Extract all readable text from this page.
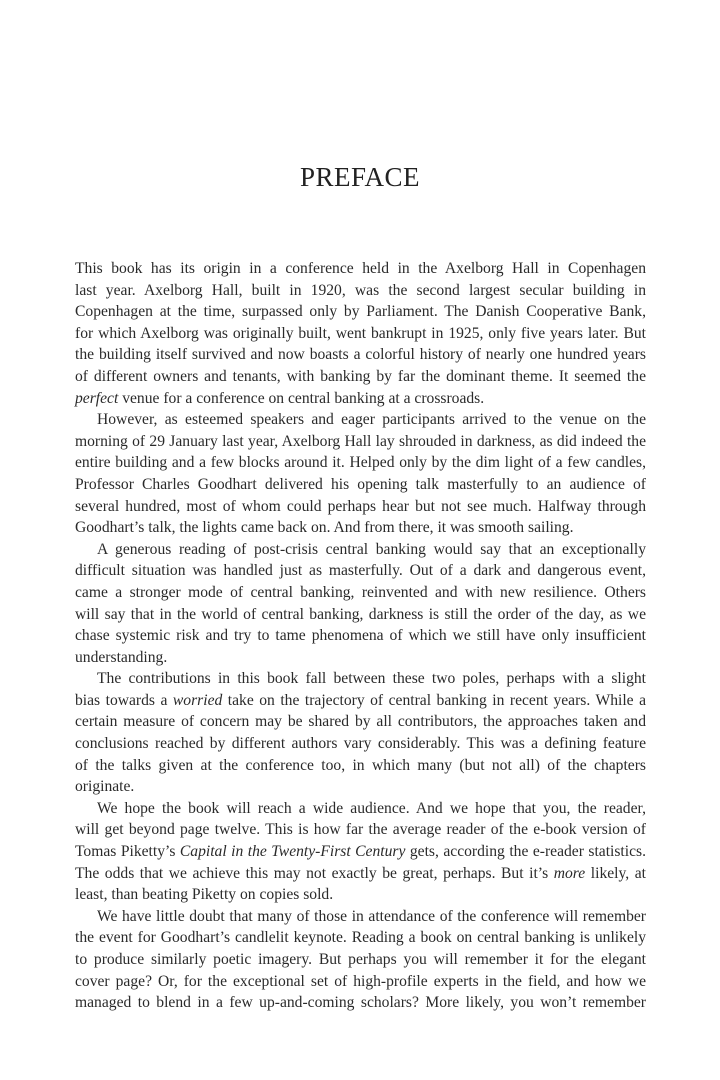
PREFACE
This book has its origin in a conference held in the Axelborg Hall in Copenhagen
last year. Axelborg Hall, built in 1920, was the second largest secular building in
Copenhagen at the time, surpassed only by Parliament. The Danish Cooperative Bank,
for which Axelborg was originally built, went bankrupt in 1925, only five years later. But
the building itself survived and now boasts a colorful history of nearly one hundred years
of different owners and tenants, with banking by far the dominant theme. It seemed the
perfect venue for a conference on central banking at a crossroads.
However, as esteemed speakers and eager participants arrived to the venue on the
morning of 29 January last year, Axelborg Hall lay shrouded in darkness, as did indeed the
entire building and a few blocks around it. Helped only by the dim light of a few candles,
Professor Charles Goodhart delivered his opening talk masterfully to an audience of
several hundred, most of whom could perhaps hear but not see much. Halfway through
Goodhart’s talk, the lights came back on. And from there, it was smooth sailing.
A generous reading of post-crisis central banking would say that an exceptionally
difficult situation was handled just as masterfully. Out of a dark and dangerous event,
came a stronger mode of central banking, reinvented and with new resilience. Others
will say that in the world of central banking, darkness is still the order of the day, as we
chase systemic risk and try to tame phenomena of which we still have only insufficient
understanding.
The contributions in this book fall between these two poles, perhaps with a slight
bias towards a worried take on the trajectory of central banking in recent years. While a
certain measure of concern may be shared by all contributors, the approaches taken and
conclusions reached by different authors vary considerably. This was a defining feature
of the talks given at the conference too, in which many (but not all) of the chapters
originate.
We hope the book will reach a wide audience. And we hope that you, the reader,
will get beyond page twelve. This is how far the average reader of the e-book version of
Tomas Piketty’s Capital in the Twenty-First Century gets, according the e-reader statistics.
The odds that we achieve this may not exactly be great, perhaps. But it’s more likely, at
least, than beating Piketty on copies sold.
We have little doubt that many of those in attendance of the conference will remember
the event for Goodhart’s candlelit keynote. Reading a book on central banking is unlikely
to produce similarly poetic imagery. But perhaps you will remember it for the elegant
cover page? Or, for the exceptional set of high-profile experts in the field, and how we
managed to blend in a few up-and-coming scholars? More likely, you won’t remember
